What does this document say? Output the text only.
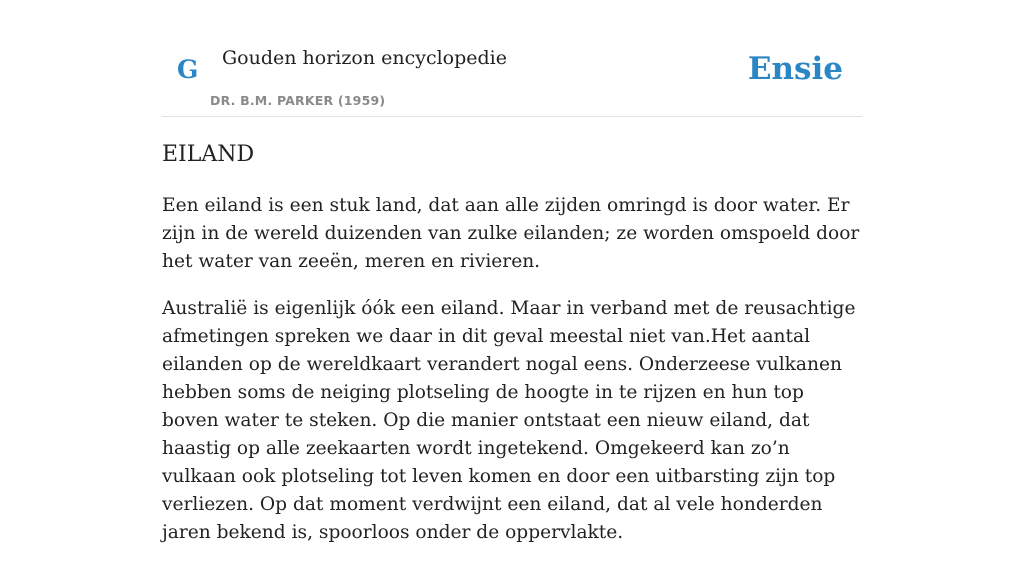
G Gouden horizon encyclopedie
DR. B.M. PARKER (1959)
Ensie
EILAND

Een eiland is een stuk land, dat aan alle zijden omringd is door water. Er zijn in de wereld duizenden van zulke eilanden; ze worden omspoeld door het water van zeeën, meren en rivieren.

Australië is eigenlijk óók een eiland. Maar in verband met de reusachtige afmetingen spreken we daar in dit geval meestal niet van.Het aantal eilanden op de wereldkaart verandert nogal eens. Onderzeese vulkanen hebben soms de neiging plotseling de hoogte in te rijzen en hun top boven water te steken. Op die manier ontstaat een nieuw eiland, dat haastig op alle zeekaarten wordt ingetekend. Omgekeerd kan zo’n vulkaan ook plotseling tot leven komen en door een uitbarsting zijn top verliezen. Op dat moment verdwijnt een eiland, dat al vele honderden jaren bekend is, spoorloos onder de oppervlakte.
